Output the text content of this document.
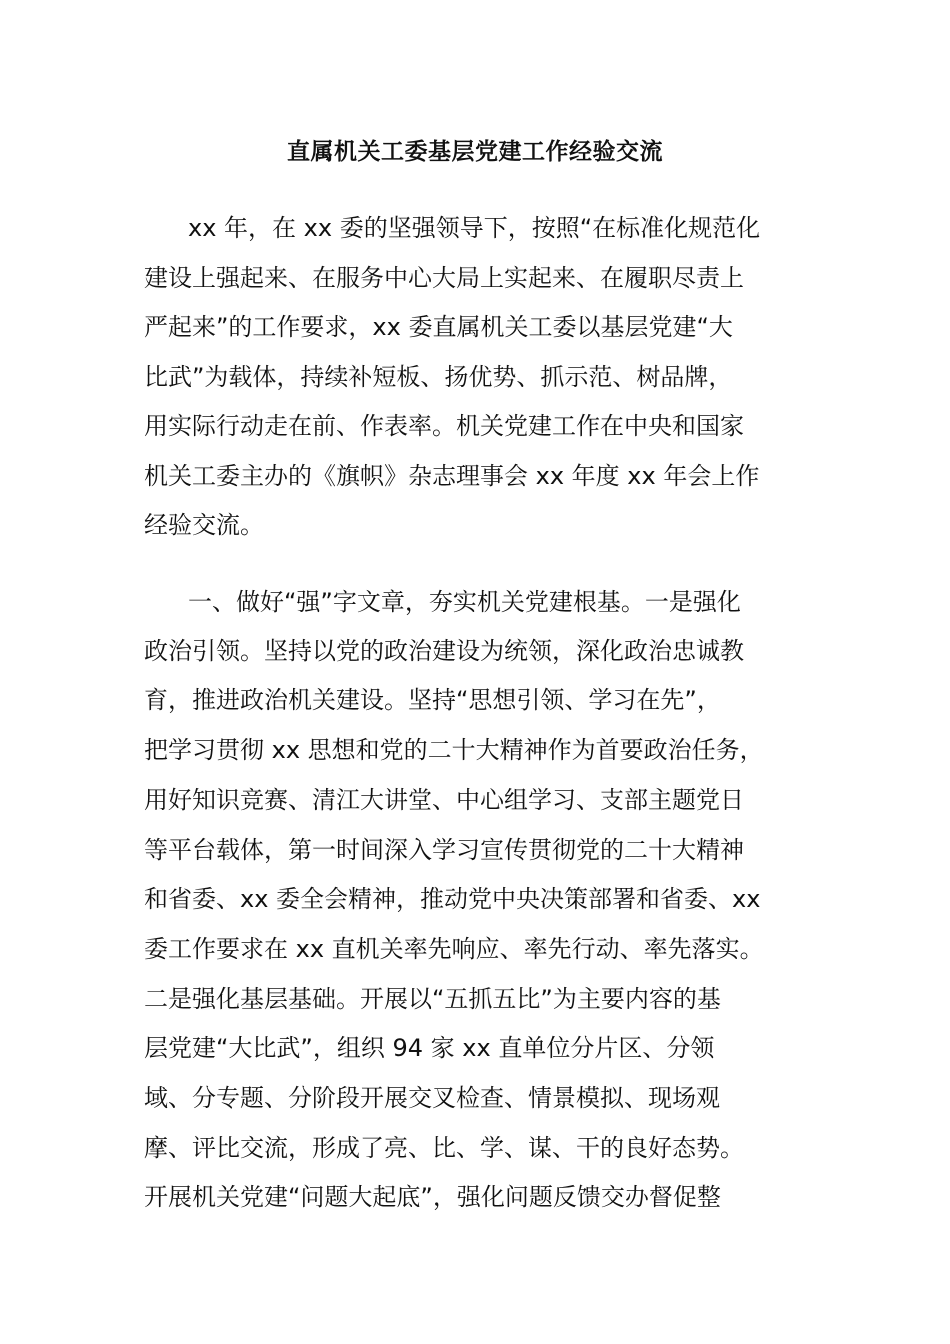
直属机关工委基层党建工作经验交流

xx 年，在 xx 委的坚强领导下，按照“在标准化规范化

建设上强起来、在服务中心大局上实起来、在履职尽责上

严起来”的工作要求，xx 委直属机关工委以基层党建“大

比武”为载体，持续补短板、扬优势、抓示范、树品牌，

用实际行动走在前、作表率。机关党建工作在中央和国家

机关工委主办的《旗帜》杂志理事会 xx 年度 xx 年会上作

经验交流。

一、做好“强”字文章，夯实机关党建根基。一是强化

政治引领。坚持以党的政治建设为统领，深化政治忠诚教

育，推进政治机关建设。坚持“思想引领、学习在先”，

把学习贯彻 xx 思想和党的二十大精神作为首要政治任务，

用好知识竞赛、清江大讲堂、中心组学习、支部主题党日

等平台载体，第一时间深入学习宣传贯彻党的二十大精神

和省委、xx 委全会精神，推动党中央决策部署和省委、xx

委工作要求在 xx 直机关率先响应、率先行动、率先落实。

二是强化基层基础。开展以“五抓五比”为主要内容的基

层党建“大比武”，组织 94 家 xx 直单位分片区、分领

域、分专题、分阶段开展交叉检查、情景模拟、现场观

摩、评比交流，形成了亮、比、学、谋、干的良好态势。

开展机关党建“问题大起底”，强化问题反馈交办督促整
